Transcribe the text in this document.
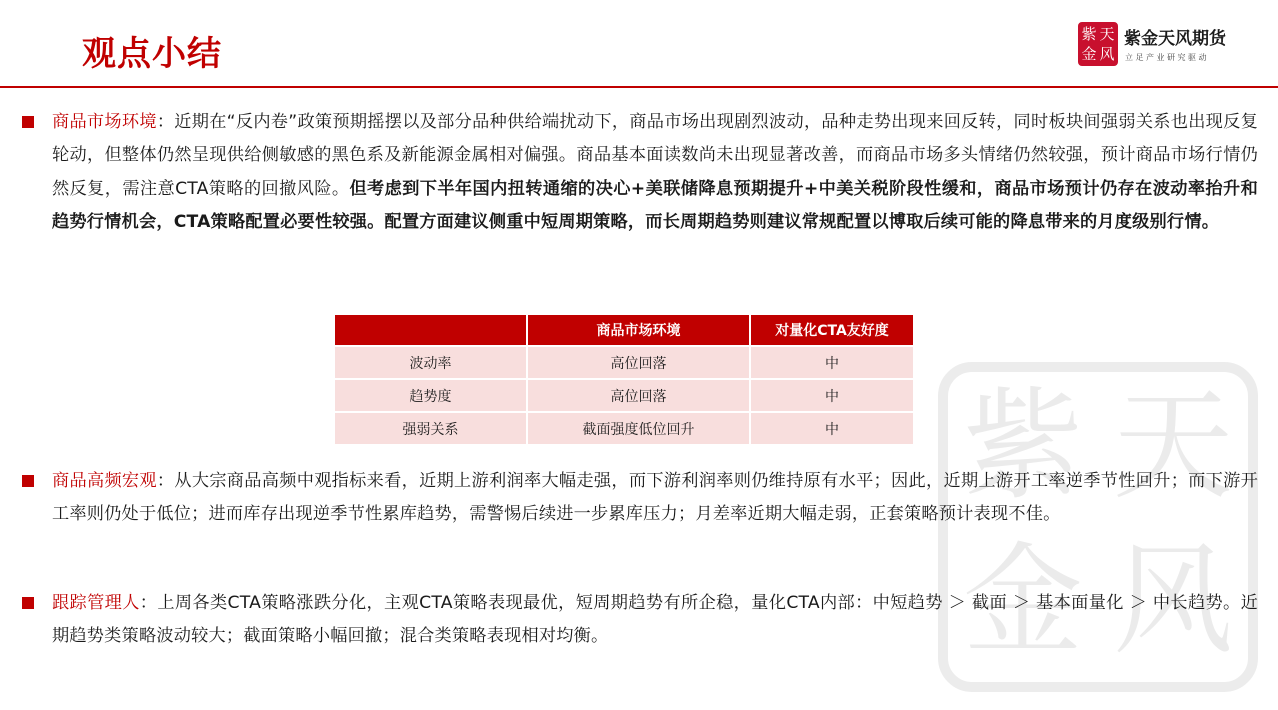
观点小结	紫 天
金 风
紫金天风期货
立足产业研究驱动
紫 天
金 风
商品市场环境：近期在“反内卷”政策预期摇摆以及部分品种供给端扰动下，商品市场出现剧烈波动，品种走势出现来回反转，同时板块间强弱关系也出现反复轮动，但整体仍然呈现供给侧敏感的黑色系及新能源金属相对偏强。商品基本面读数尚未出现显著改善，而商品市场多头情绪仍然较强，预计商品市场行情仍然反复，需注意CTA策略的回撤风险。但考虑到下半年国内扭转通缩的决心+美联储降息预期提升+中美关税阶段性缓和，商品市场预计仍存在波动率抬升和趋势行情机会，CTA策略配置必要性较强。配置方面建议侧重中短周期策略，而长周期趋势则建议常规配置以博取后续可能的降息带来的月度级别行情。
	商品市场环境	对量化CTA友好度
波动率	高位回落	中
趋势度	高位回落	中
强弱关系	截面强度低位回升	中
商品高频宏观：从大宗商品高频中观指标来看，近期上游利润率大幅走强，而下游利润率则仍维持原有水平；因此，近期上游开工率逆季节性回升；而下游开工率则仍处于低位；进而库存出现逆季节性累库趋势，需警惕后续进一步累库压力；月差率近期大幅走弱，正套策略预计表现不佳。
跟踪管理人：上周各类CTA策略涨跌分化，主观CTA策略表现最优，短周期趋势有所企稳，量化CTA内部：中短趋势 ＞ 截面 ＞ 基本面量化 ＞ 中长趋势。近期趋势类策略波动较大；截面策略小幅回撤；混合类策略表现相对均衡。
